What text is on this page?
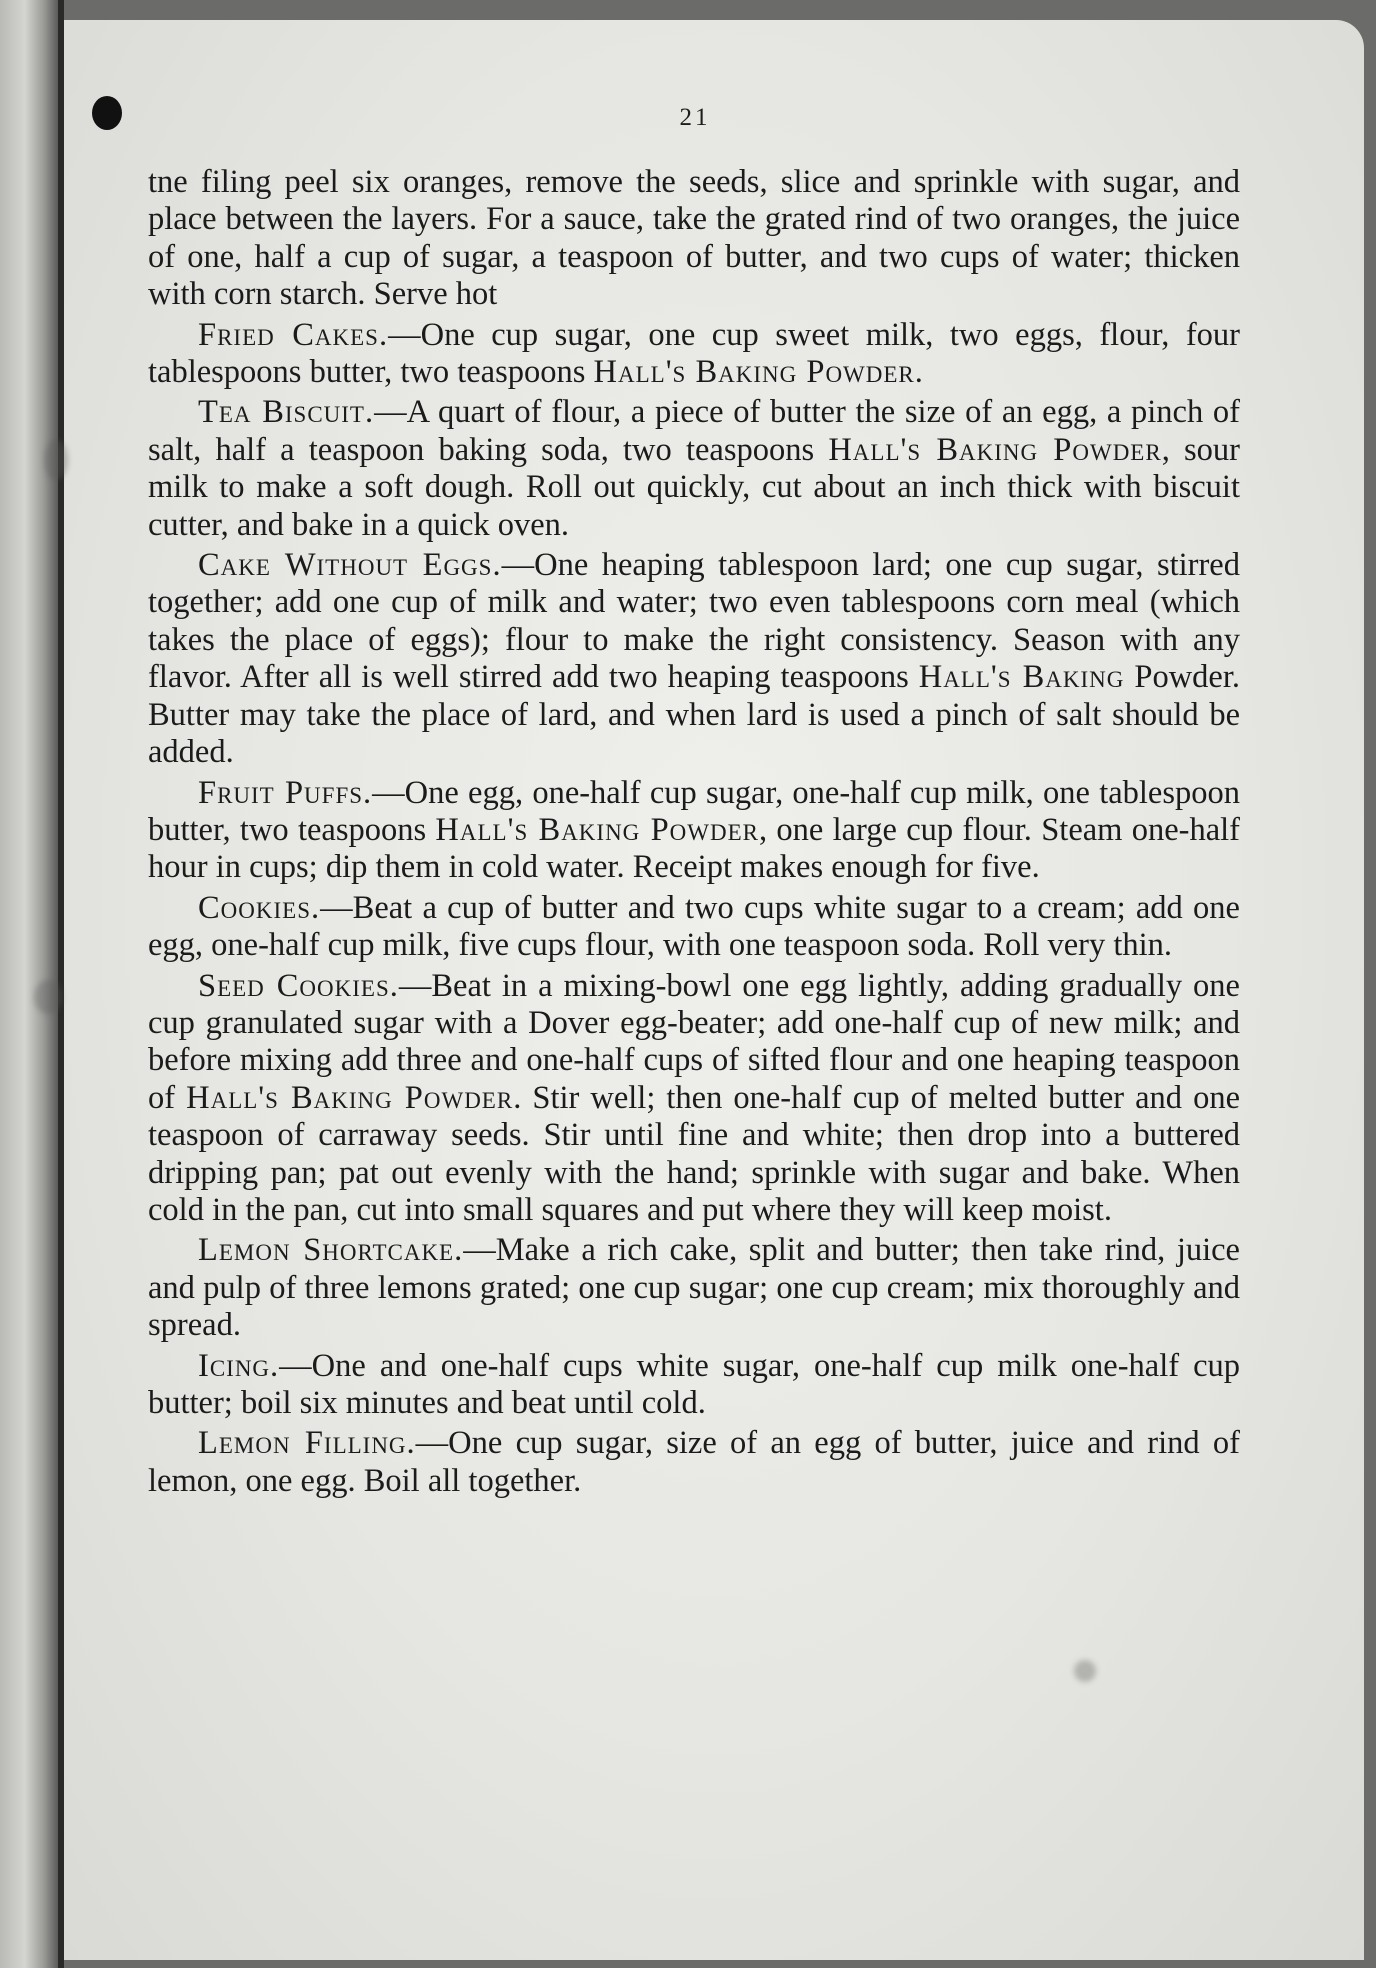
21

tne filing peel six oranges, remove the seeds, slice and sprinkle with sugar, and place between the layers. For a sauce, take the grated rind of two oranges, the juice of one, half a cup of sugar, a teaspoon of butter, and two cups of water; thicken with corn starch. Serve hot

Fried Cakes.—One cup sugar, one cup sweet milk, two eggs, flour, four tablespoons butter, two teaspoons Hall's Baking Powder.

Tea Biscuit.—A quart of flour, a piece of butter the size of an egg, a pinch of salt, half a teaspoon baking soda, two teaspoons Hall's Baking Powder, sour milk to make a soft dough. Roll out quickly, cut about an inch thick with biscuit cutter, and bake in a quick oven.

Cake Without Eggs.—One heaping tablespoon lard; one cup sugar, stirred together; add one cup of milk and water; two even tablespoons corn meal (which takes the place of eggs); flour to make the right consistency. Season with any flavor. After all is well stirred add two heaping teaspoons Hall's Baking Powder. Butter may take the place of lard, and when lard is used a pinch of salt should be added.

Fruit Puffs.—One egg, one-half cup sugar, one-half cup milk, one tablespoon butter, two teaspoons Hall's Baking Powder, one large cup flour. Steam one-half hour in cups; dip them in cold water. Receipt makes enough for five.

Cookies.—Beat a cup of butter and two cups white sugar to a cream; add one egg, one-half cup milk, five cups flour, with one teaspoon soda. Roll very thin.

Seed Cookies.—Beat in a mixing-bowl one egg lightly, adding gradually one cup granulated sugar with a Dover egg-beater; add one-half cup of new milk; and before mixing add three and one-half cups of sifted flour and one heaping teaspoon of Hall's Baking Powder. Stir well; then one-half cup of melted butter and one teaspoon of carraway seeds. Stir until fine and white; then drop into a buttered dripping pan; pat out evenly with the hand; sprinkle with sugar and bake. When cold in the pan, cut into small squares and put where they will keep moist.

Lemon Shortcake.—Make a rich cake, split and butter; then take rind, juice and pulp of three lemons grated; one cup sugar; one cup cream; mix thoroughly and spread.

Icing.—One and one-half cups white sugar, one-half cup milk one-half cup butter; boil six minutes and beat until cold.

Lemon Filling.—One cup sugar, size of an egg of butter, juice and rind of lemon, one egg. Boil all together.
